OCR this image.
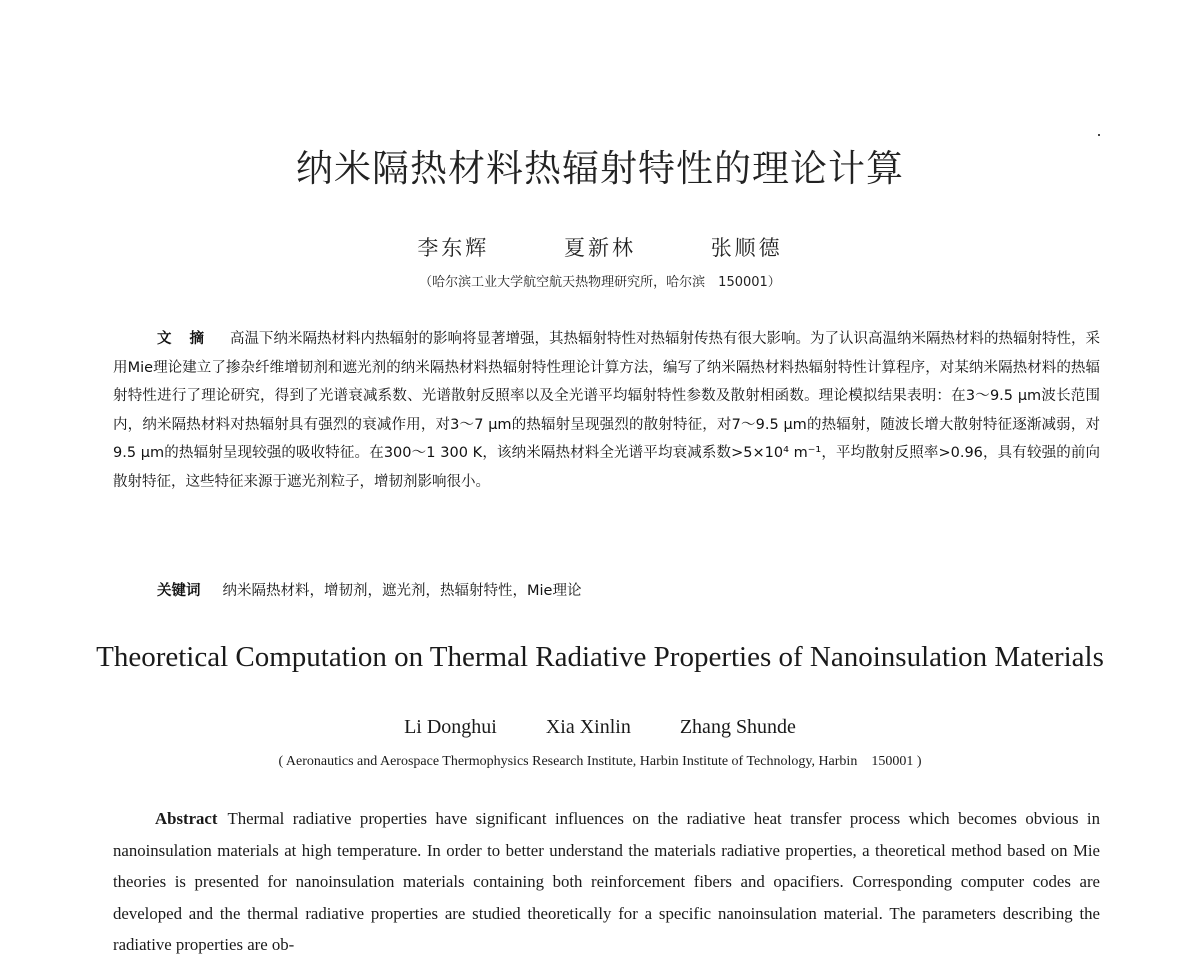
纳米隔热材料热辐射特性的理论计算
李东辉	夏新林	张顺德
（哈尔滨工业大学航空航天热物理研究所，哈尔滨　150001）
文摘 高温下纳米隔热材料内热辐射的影响将显著增强，其热辐射特性对热辐射传热有很大影响。为了认识高温纳米隔热材料的热辐射特性，采用Mie理论建立了掺杂纤维增韧剂和遮光剂的纳米隔热材料热辐射特性理论计算方法，编写了纳米隔热材料热辐射特性计算程序，对某纳米隔热材料的热辐射特性进行了理论研究，得到了光谱衰减系数、光谱散射反照率以及全光谱平均辐射特性参数及散射相函数。理论模拟结果表明：在3～9.5 μm波长范围内，纳米隔热材料对热辐射具有强烈的衰减作用，对3～7 μm的热辐射呈现强烈的散射特征，对7～9.5 μm的热辐射，随波长增大散射特征逐渐减弱，对9.5 μm的热辐射呈现较强的吸收特征。在300～1 300 K，该纳米隔热材料全光谱平均衰减系数>5×10⁴ m⁻¹，平均散射反照率>0.96，具有较强的前向散射特征，这些特征来源于遮光剂粒子，增韧剂影响很小。
关键词 纳米隔热材料，增韧剂，遮光剂，热辐射特性，Mie理论
Theoretical Computation on Thermal Radiative Properties of Nanoinsulation Materials
Li Donghui Xia Xinlin Zhang Shunde
( Aeronautics and Aerospace Thermophysics Research Institute, Harbin Institute of Technology, Harbin　150001 )
Abstract Thermal radiative properties have significant influences on the radiative heat transfer process which becomes obvious in nanoinsulation materials at high temperature. In order to better understand the materials radiative properties, a theoretical method based on Mie theories is presented for nanoinsulation materials containing both reinforcement fibers and opacifiers. Corresponding computer codes are developed and the thermal radiative properties are studied theoretically for a specific nanoinsulation material. The parameters describing the radiative properties are ob-
